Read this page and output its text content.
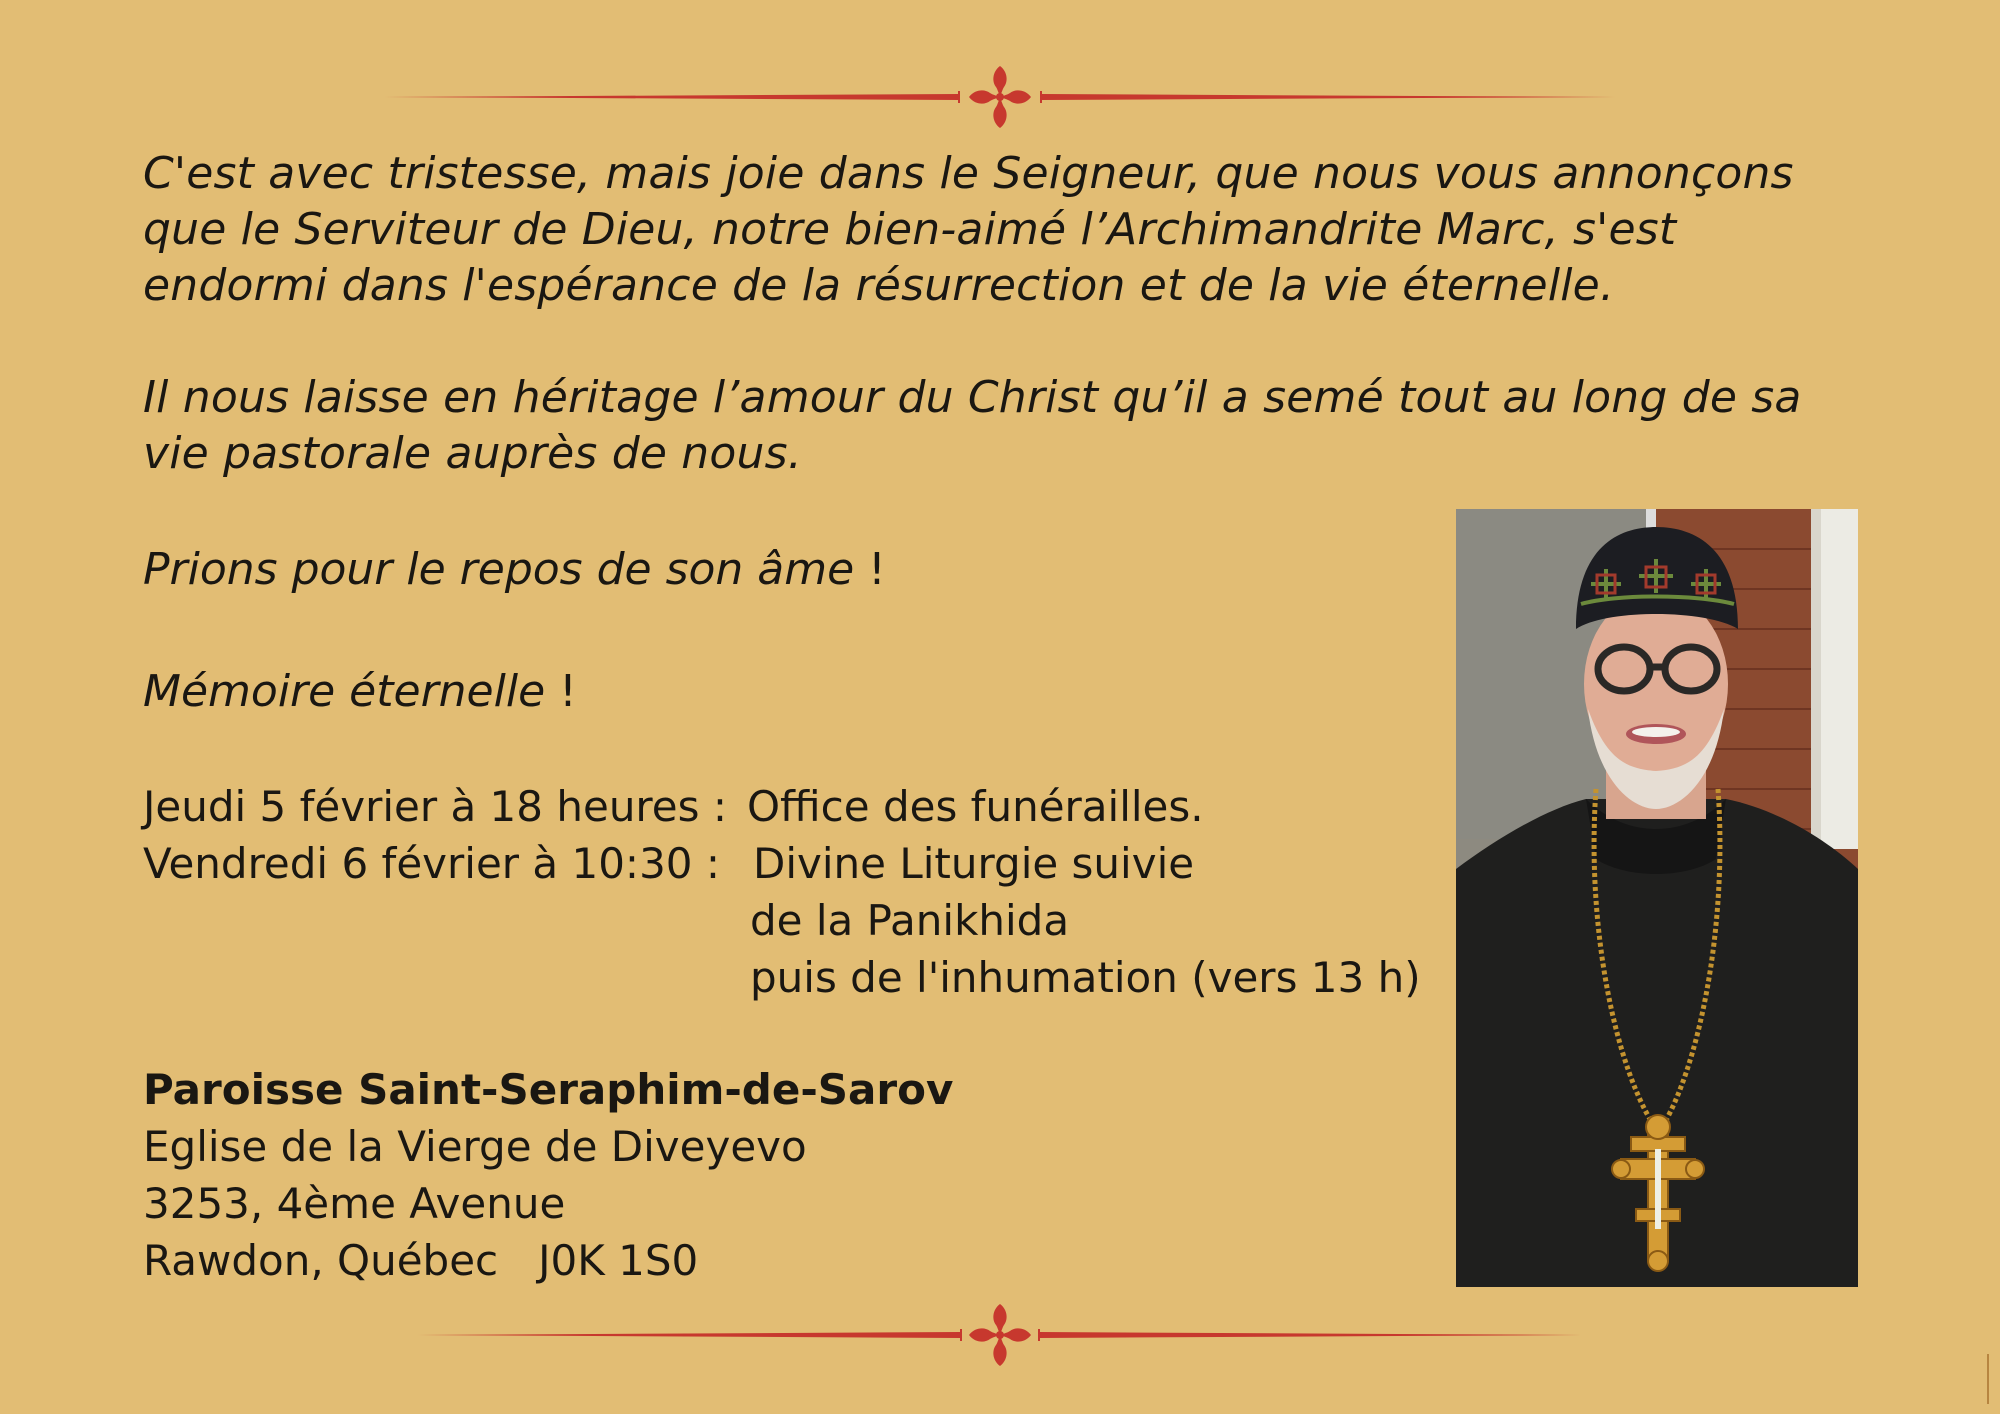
C'est avec tristesse, mais joie dans le Seigneur, que nous vous annonçons
que le Serviteur de Dieu, notre bien-aimé l’Archimandrite Marc, s'est
endormi dans l'espérance de la résurrection et de la vie éternelle.

Il nous laisse en héritage l’amour du Christ qu’il a semé tout au long de sa
vie pastorale auprès de nous.

Prions pour le repos de son âme !

Mémoire éternelle !

Jeudi 5 février à 18 heures : Office des funérailles.
Vendredi 6 février à 10:30 : Divine Liturgie suivie
de la Panikhida
puis de l'inhumation (vers 13 h)
Paroisse Saint-Seraphim-de-Sarov
Eglise de la Vierge de Diveyevo
3253, 4ème Avenue
Rawdon, Québec J0K 1S0
